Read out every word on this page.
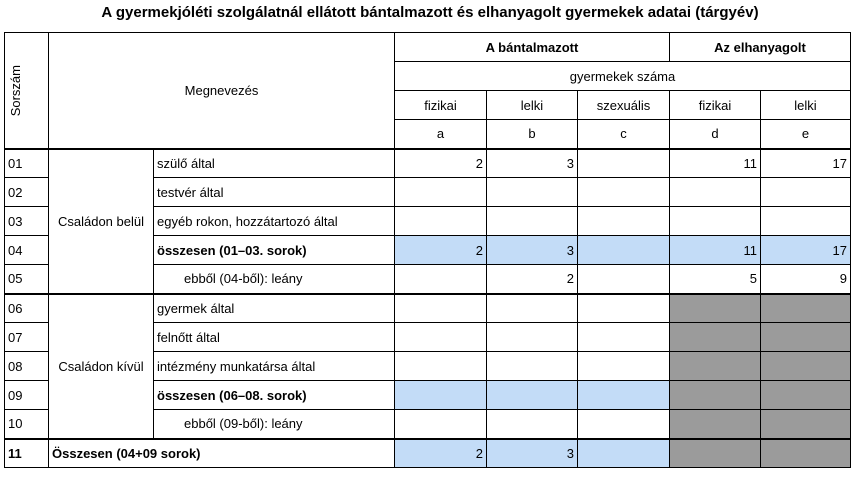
A gyermekjóléti szolgálatnál ellátott bántalmazott és elhanyagolt gyermekek adatai (tárgyév)
Sorszám	Megnevezés		A bántalmazott			Az elhanyagolt	
			gyermekek száma				
			fizikai	lelki	szexuális	fizikai	lelki
			a	b	c	d	e
01	Családon belül	szülő által	2	3		11	17
02		testvér által					
03		egyéb rokon, hozzátartozó által					
04		összesen (01–03. sorok)	2	3		11	17
05		ebből (04-ből): leány		2		5	9
06	Családon kívül	gyermek által					
07		felnőtt által					
08		intézmény munkatársa által					
09		összesen (06–08. sorok)					
10		ebből (09-ből): leány					
11	Összesen (04+09 sorok)		2	3			
